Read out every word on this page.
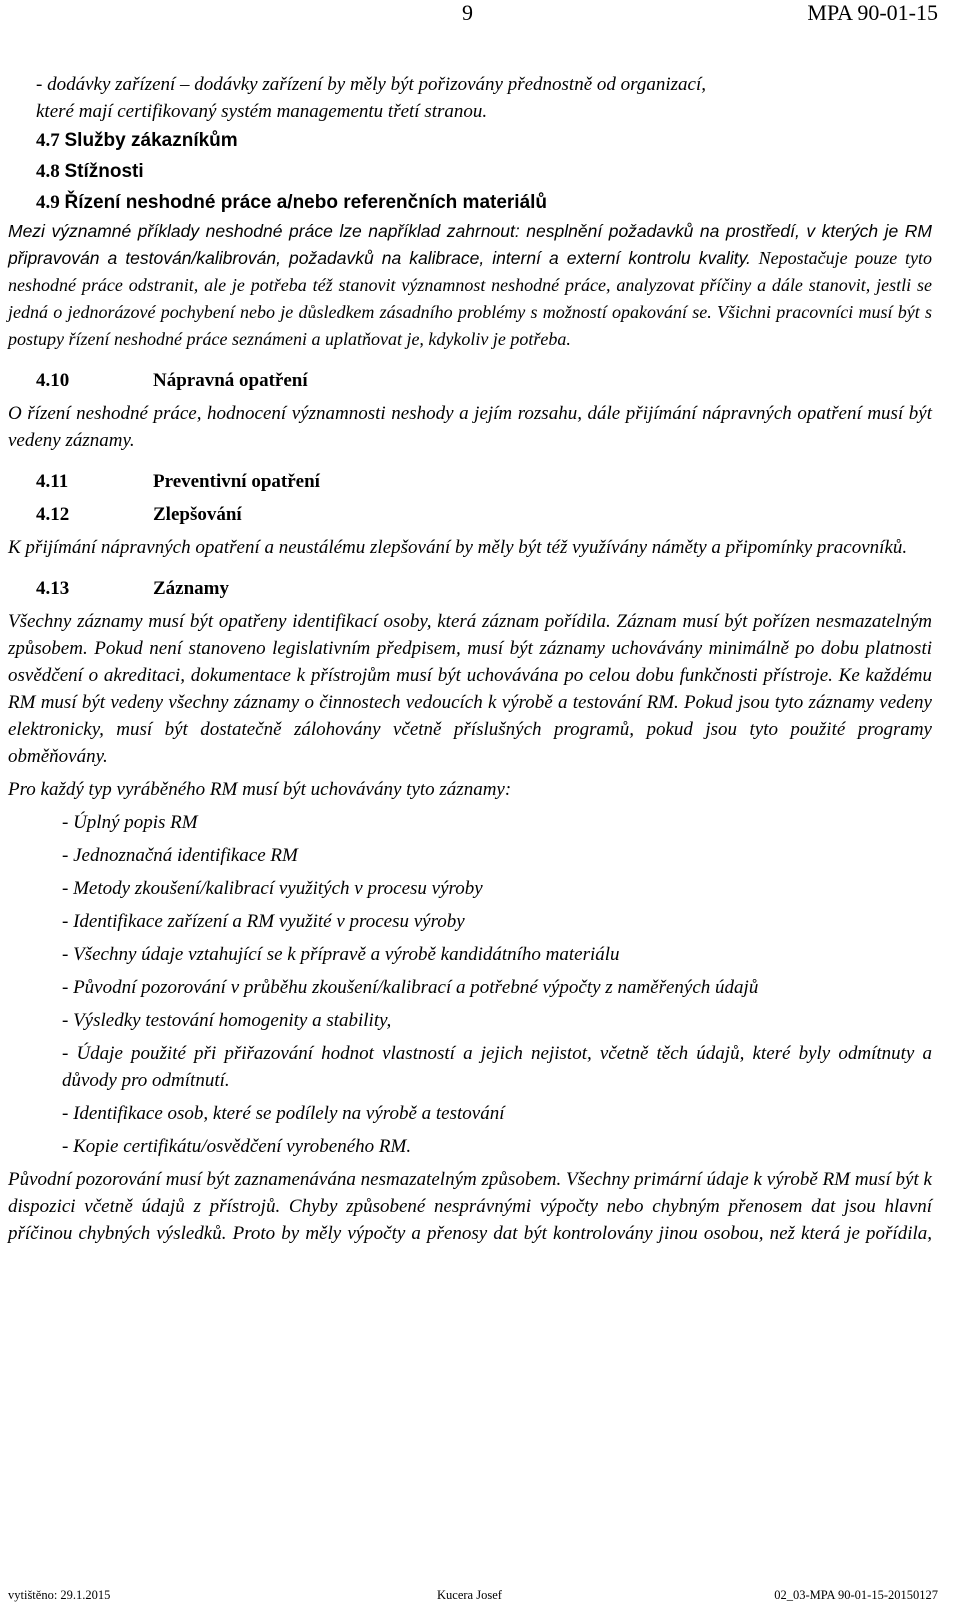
9	MPA 90-01-15

- dodávky zařízení – dodávky zařízení by měly být pořizovány přednostně od organizací,

které mají certifikovaný systém managementu třetí stranou.

4.7 Služby zákazníkům

4.8 Stížnosti

4.9 Řízení neshodné práce a/nebo referenčních materiálů

Mezi významné příklady neshodné práce lze například zahrnout: nesplnění požadavků na prostředí, v kterých je RM připravován a testován/kalibrován, požadavků na kalibrace, interní a externí kontrolu kvality. Nepostačuje pouze tyto neshodné práce odstranit, ale je potřeba též stanovit významnost neshodné práce, analyzovat příčiny a dále stanovit, jestli se jedná o jednorázové pochybení nebo je důsledkem zásadního problémy s možností opakování se. Všichni pracovníci musí být s postupy řízení neshodné práce seznámeni a uplatňovat je, kdykoliv je potřeba.

4.10	Nápravná opatření

O řízení neshodné práce, hodnocení významnosti neshody a jejím rozsahu, dále přijímání nápravných opatření musí být vedeny záznamy.

4.11	Preventivní opatření
4.12	Zlepšování

K přijímání nápravných opatření a neustálému zlepšování by měly být též využívány náměty a připomínky pracovníků.

4.13	Záznamy

Všechny záznamy musí být opatřeny identifikací osoby, která záznam pořídila. Záznam musí být pořízen nesmazatelným způsobem. Pokud není stanoveno legislativním předpisem, musí být záznamy uchovávány minimálně po dobu platnosti osvědčení o akreditaci, dokumentace k přístrojům musí být uchovávána po celou dobu funkčnosti přístroje. Ke každému RM musí být vedeny všechny záznamy o činnostech vedoucích k výrobě a testování RM. Pokud jsou tyto záznamy vedeny elektronicky, musí být dostatečně zálohovány včetně příslušných programů, pokud jsou tyto použité programy obměňovány.

Pro každý typ vyráběného RM musí být uchovávány tyto záznamy:

- Úplný popis RM
- Jednoznačná identifikace RM
- Metody zkoušení/kalibrací využitých v procesu výroby
- Identifikace zařízení a RM využité v procesu výroby
- Všechny údaje vztahující se k přípravě a výrobě kandidátního materiálu
- Původní pozorování v průběhu zkoušení/kalibrací a potřebné výpočty z naměřených údajů
- Výsledky testování homogenity a stability,
- Údaje použité při přiřazování hodnot vlastností a jejich nejistot, včetně těch údajů, které byly odmítnuty a důvody pro odmítnutí.
- Identifikace osob, které se podílely na výrobě a testování
- Kopie certifikátu/osvědčení vyrobeného RM.

Původní pozorování musí být zaznamenávána nesmazatelným způsobem. Všechny primární údaje k výrobě RM musí být k dispozici včetně údajů z přístrojů. Chyby způsobené nesprávnými výpočty nebo chybným přenosem dat jsou hlavní příčinou chybných výsledků. Proto by měly výpočty a přenosy dat být kontrolovány jinou osobou, než která je pořídila,

vytištěno: 29.1.2015	Kucera Josef	02_03-MPA 90-01-15-20150127
